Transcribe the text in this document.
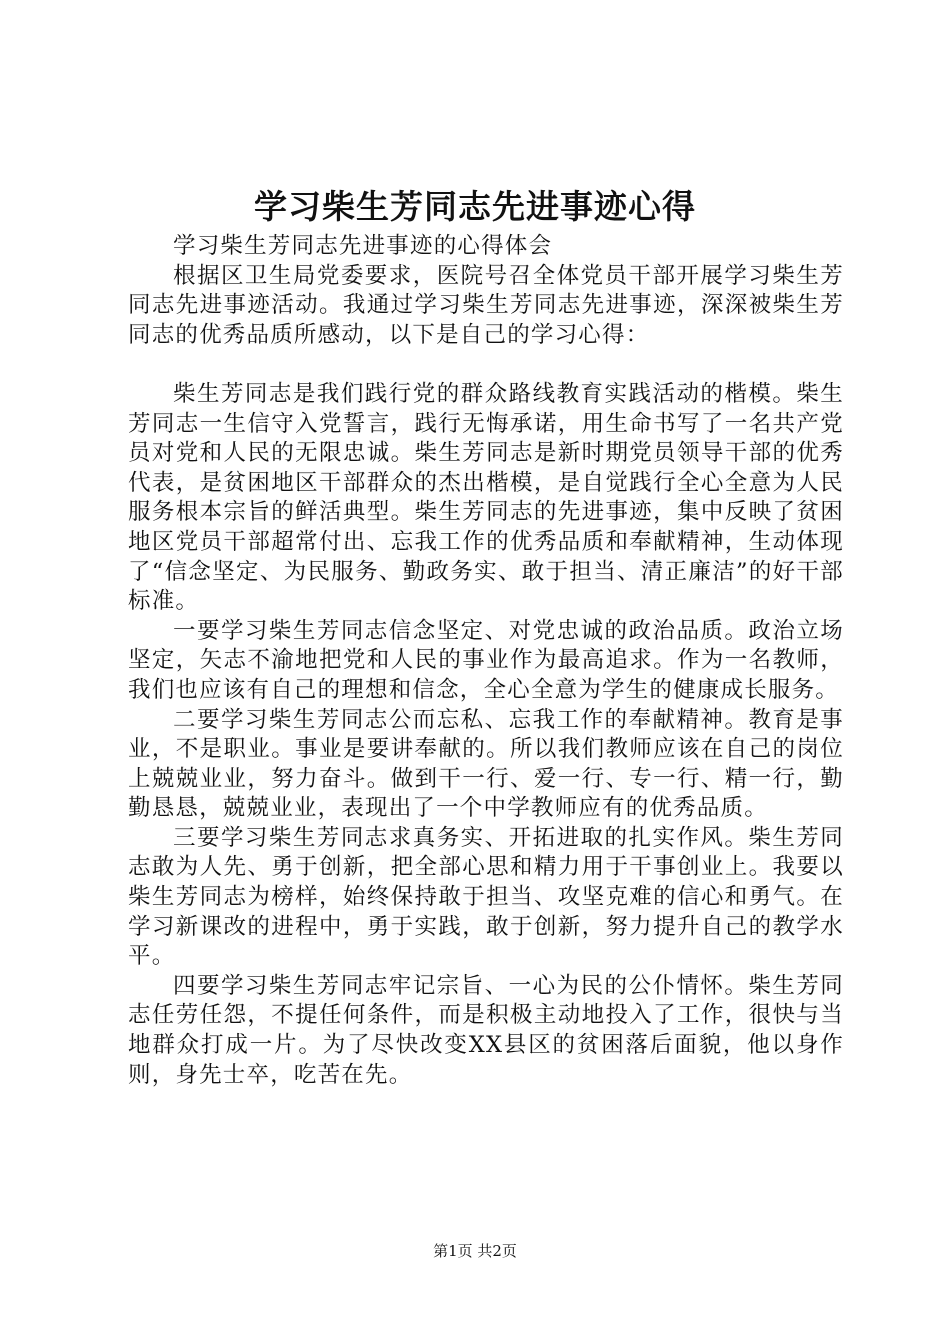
学习柴生芳同志先进事迹心得

学习柴生芳同志先进事迹的心得体会

根据区卫生局党委要求，医院号召全体党员干部开展学习柴生芳同志先进事迹活动。我通过学习柴生芳同志先进事迹，深深被柴生芳同志的优秀品质所感动，以下是自己的学习心得：

柴生芳同志是我们践行党的群众路线教育实践活动的楷模。柴生芳同志一生信守入党誓言，践行无悔承诺，用生命书写了一名共产党员对党和人民的无限忠诚。柴生芳同志是新时期党员领导干部的优秀代表，是贫困地区干部群众的杰出楷模，是自觉践行全心全意为人民服务根本宗旨的鲜活典型。柴生芳同志的先进事迹，集中反映了贫困地区党员干部超常付出、忘我工作的优秀品质和奉献精神，生动体现了“信念坚定、为民服务、勤政务实、敢于担当、清正廉洁”的好干部标准。

一要学习柴生芳同志信念坚定、对党忠诚的政治品质。政治立场坚定，矢志不渝地把党和人民的事业作为最高追求。作为一名教师，我们也应该有自己的理想和信念，全心全意为学生的健康成长服务。

二要学习柴生芳同志公而忘私、忘我工作的奉献精神。教育是事业，不是职业。事业是要讲奉献的。所以我们教师应该在自己的岗位上兢兢业业，努力奋斗。做到干一行、爱一行、专一行、精一行，勤勤恳恳，兢兢业业，表现出了一个中学教师应有的优秀品质。

三要学习柴生芳同志求真务实、开拓进取的扎实作风。柴生芳同志敢为人先、勇于创新，把全部心思和精力用于干事创业上。我要以柴生芳同志为榜样，始终保持敢于担当、攻坚克难的信心和勇气。在学习新课改的进程中，勇于实践，敢于创新，努力提升自己的教学水平。

四要学习柴生芳同志牢记宗旨、一心为民的公仆情怀。柴生芳同志任劳任怨，不提任何条件，而是积极主动地投入了工作，很快与当地群众打成一片。为了尽快改变XX县区的贫困落后面貌，他以身作则，身先士卒，吃苦在先。

第1页 共2页
